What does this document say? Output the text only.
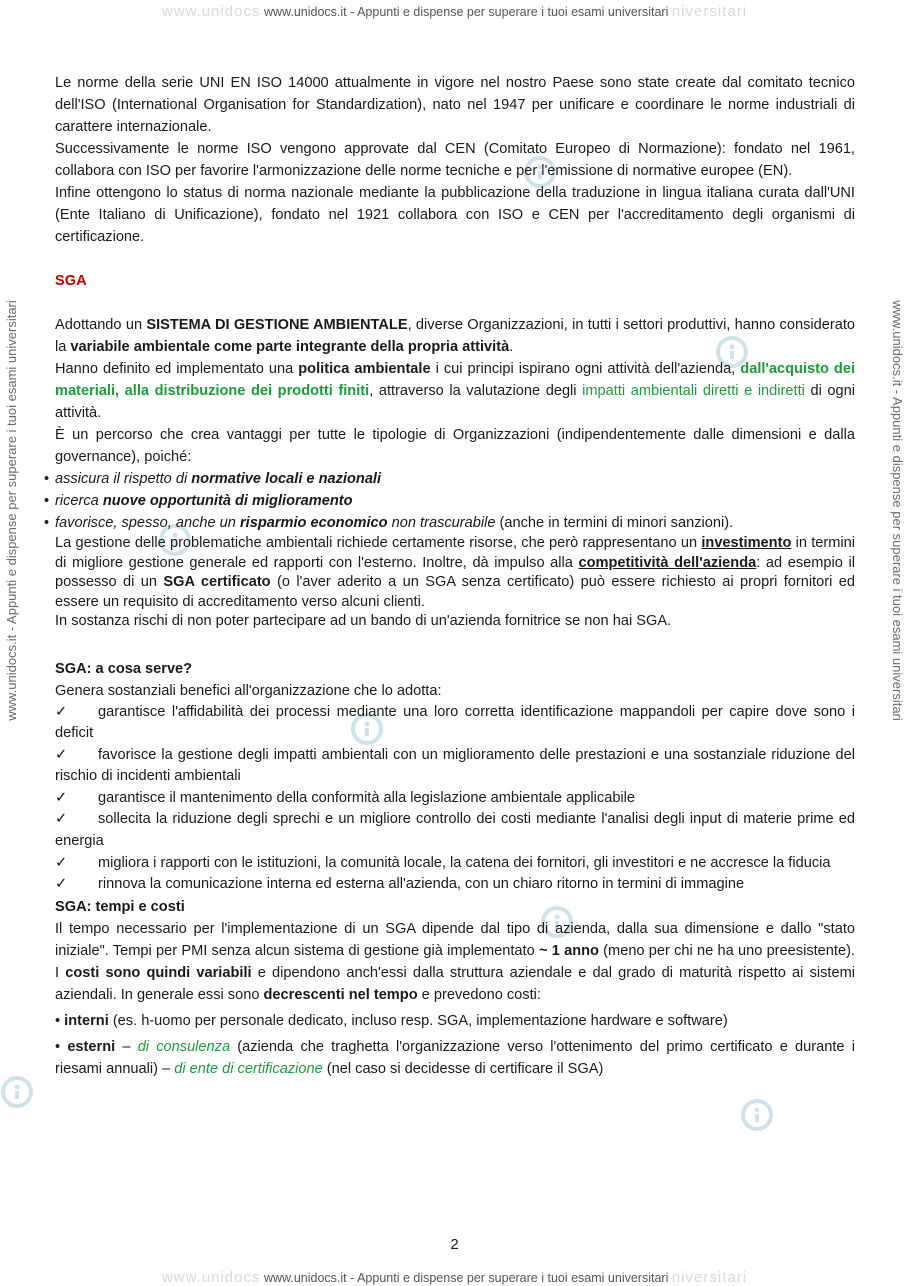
www.unidocs www.unidocs.it - Appunti e dispense per superare i tuoi esami universitari niversitari
www.unidocs.it - Appunti e dispense per superare i tuoi esami universitari	www.unidocs.it - Appunti e dispense per superare i tuoi esami universitari

Le norme della serie UNI EN ISO 14000 attualmente in vigore nel nostro Paese sono state create dal comitato tecnico dell'ISO (International Organisation for Standardization), nato nel 1947 per unificare e coordinare le norme industriali di carattere internazionale.

Successivamente le norme ISO vengono approvate dal CEN (Comitato Europeo di Normazione): fondato nel 1961, collabora con ISO per favorire l'armonizzazione delle norme tecniche e per l'emissione di normative europee (EN).

Infine ottengono lo status di norma nazionale mediante la pubblicazione della traduzione in lingua italiana curata dall'UNI (Ente Italiano di Unificazione), fondato nel 1921 collabora con ISO e CEN per l'accreditamento degli organismi di certificazione.

SGA

Adottando un SISTEMA DI GESTIONE AMBIENTALE, diverse Organizzazioni, in tutti i settori produttivi, hanno considerato la variabile ambientale come parte integrante della propria attività.

Hanno definito ed implementato una politica ambientale i cui principi ispirano ogni attività dell'azienda, dall'acquisto dei materiali, alla distribuzione dei prodotti finiti, attraverso la valutazione degli impatti ambientali diretti e indiretti di ogni attività.

È un percorso che crea vantaggi per tutte le tipologie di Organizzazioni (indipendentemente dalle dimensioni e dalla governance), poiché:

• assicura il rispetto di normative locali e nazionali
• ricerca nuove opportunità di miglioramento
• favorisce, spesso, anche un risparmio economico non trascurabile (anche in termini di minori sanzioni).

La gestione delle problematiche ambientali richiede certamente risorse, che però rappresentano un investimento in termini di migliore gestione generale ed rapporti con l'esterno. Inoltre, dà impulso alla competitività dell'azienda: ad esempio il possesso di un SGA certificato (o l'aver aderito a un SGA senza certificato) può essere richiesto ai propri fornitori ed essere un requisito di accreditamento verso alcuni clienti.

In sostanza rischi di non poter partecipare ad un bando di un'azienda fornitrice se non hai SGA.

SGA: a cosa serve?

Genera sostanziali benefici all'organizzazione che lo adotta:

✓ garantisce l'affidabilità dei processi mediante una loro corretta identificazione mappandoli per capire dove sono i deficit
✓ favorisce la gestione degli impatti ambientali con un miglioramento delle prestazioni e una sostanziale riduzione del rischio di incidenti ambientali
✓ garantisce il mantenimento della conformità alla legislazione ambientale applicabile
✓ sollecita la riduzione degli sprechi e un migliore controllo dei costi mediante l'analisi degli input di materie prime ed energia
✓ migliora i rapporti con le istituzioni, la comunità locale, la catena dei fornitori, gli investitori e ne accresce la fiducia
✓ rinnova la comunicazione interna ed esterna all'azienda, con un chiaro ritorno in termini di immagine

SGA: tempi e costi

Il tempo necessario per l'implementazione di un SGA dipende dal tipo di azienda, dalla sua dimensione e dallo "stato iniziale". Tempi per PMI senza alcun sistema di gestione già implementato ~ 1 anno (meno per chi ne ha uno preesistente). I costi sono quindi variabili e dipendono anch'essi dalla struttura aziendale e dal grado di maturità rispetto ai sistemi aziendali. In generale essi sono decrescenti nel tempo e prevedono costi:

• interni (es. h-uomo per personale dedicato, incluso resp. SGA, implementazione hardware e software)

• esterni – di consulenza (azienda che traghetta l'organizzazione verso l'ottenimento del primo certificato e durante i riesami annuali) – di ente di certificazione (nel caso si decidesse di certificare il SGA)

2
www.unidocs www.unidocs.it - Appunti e dispense per superare i tuoi esami universitari niversitari
